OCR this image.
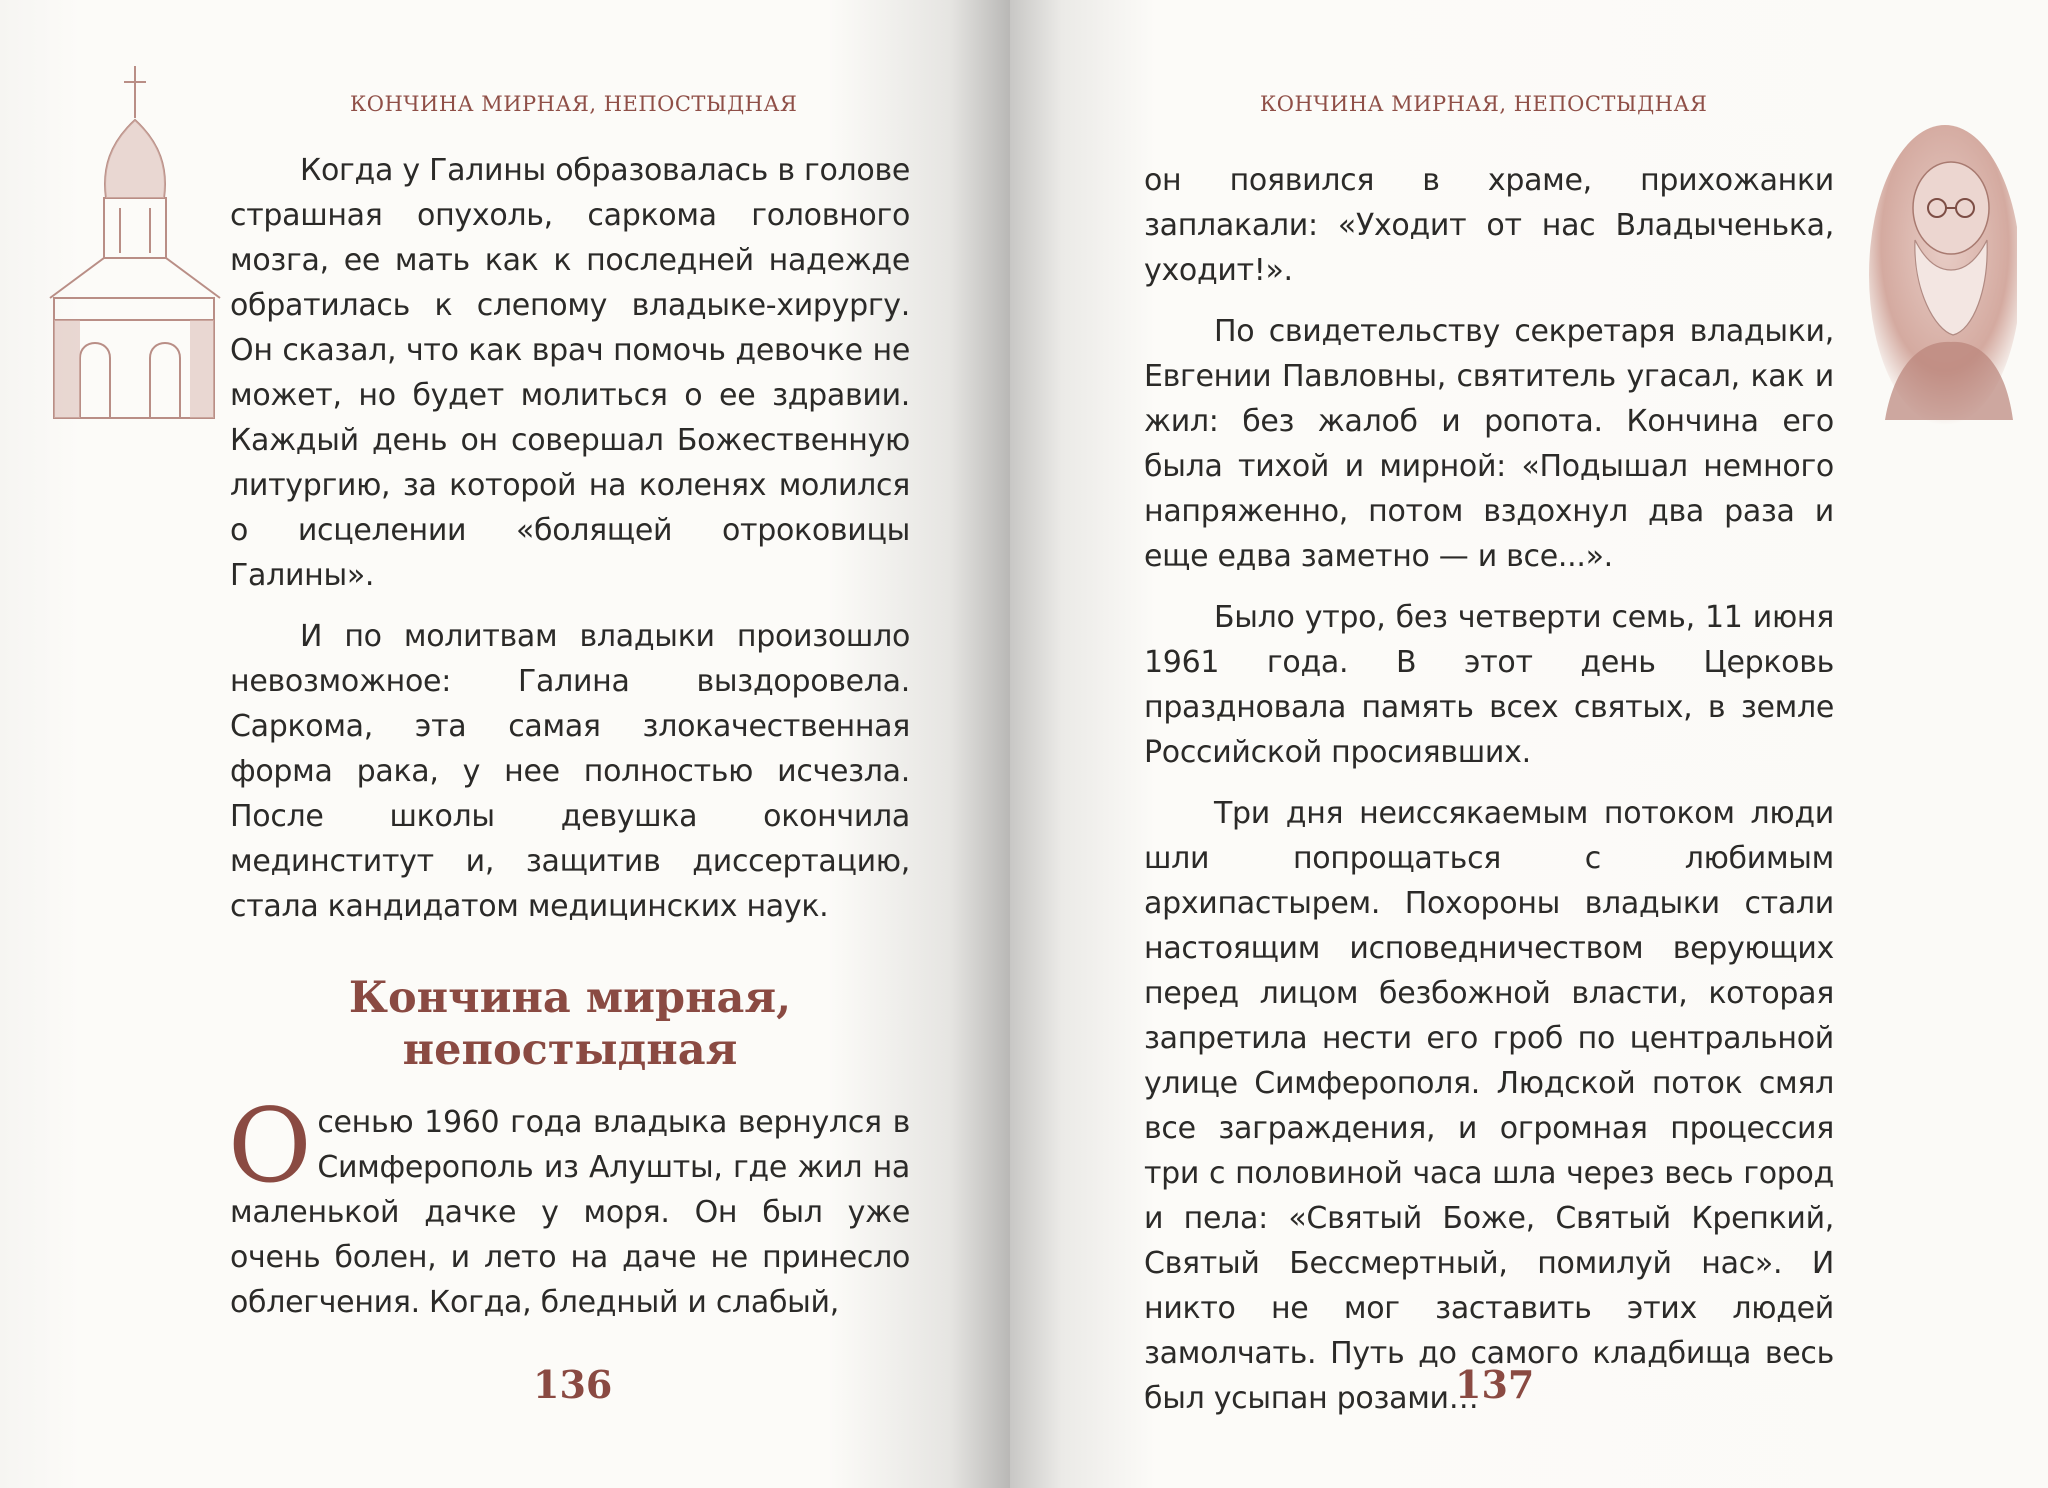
КОНЧИНА МИРНАЯ, НЕПОСТЫДНАЯ

Когда у Галины образовалась в голове страшная опухоль, саркома головного мозга, ее мать как к последней надежде обратилась к слепому владыке-хирургу. Он сказал, что как врач помочь девочке не может, но будет молиться о ее здравии. Каждый день он совершал Божественную литургию, за которой на коленях молился о исцелении «болящей отроковицы Галины».

И по молитвам владыки произошло невозможное: Галина выздоровела. Саркома, эта самая злокачественная форма рака, у нее полностью исчезла. После школы девушка окончила мединститут и, защитив диссертацию, стала кандидатом медицинских наук.

Кончина мирная,
непостыдная

О сенью 1960 года владыка вернулся в Симферополь из Алушты, где жил на маленькой дачке у моря. Он был уже очень болен, и лето на даче не принесло облегчения. Когда, бледный и слабый,

136
КОНЧИНА МИРНАЯ, НЕПОСТЫДНАЯ

он появился в храме, прихожанки заплакали: «Уходит от нас Владыченька, уходит!».

По свидетельству секретаря владыки, Евгении Павловны, святитель угасал, как и жил: без жалоб и ропота. Кончина его была тихой и мирной: «Подышал немного напряженно, потом вздохнул два раза и еще едва заметно — и все...».

Было утро, без четверти семь, 11 июня 1961 года. В этот день Церковь праздновала память всех святых, в земле Российской просиявших.

Три дня неиссякаемым потоком люди шли попрощаться с любимым архипастырем. Похороны владыки стали настоящим исповедничеством верующих перед лицом безбожной власти, которая запретила нести его гроб по центральной улице Симферополя. Людской поток смял все заграждения, и огромная процессия три с половиной часа шла через весь город и пела: «Святый Боже, Святый Крепкий, Святый Бессмертный, помилуй нас». И никто не мог заставить этих людей замолчать. Путь до самого кладбища весь был усыпан розами…

137
